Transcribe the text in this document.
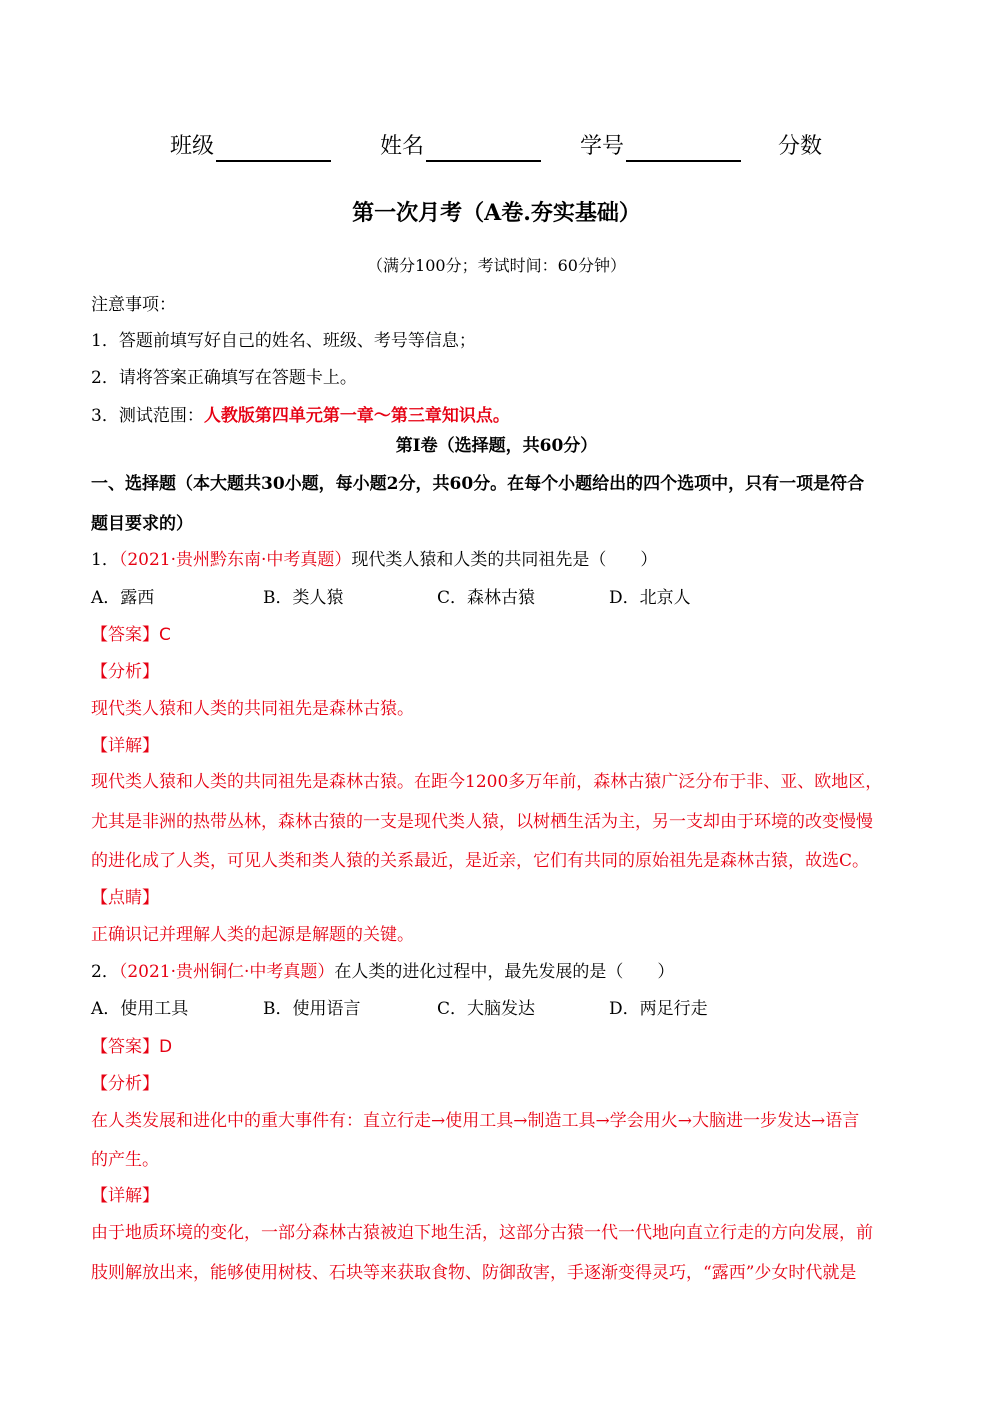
班级	姓名	学号	分数
第一次月考（A卷.夯实基础）
（满分100分；考试时间：60分钟）
注意事项：
1．答题前填写好自己的姓名、班级、考号等信息；
2．请将答案正确填写在答题卡上。
3．测试范围：人教版第四单元第一章～第三章知识点。
第I卷（选择题，共60分）
一、选择题（本大题共30小题，每小题2分，共60分。在每个小题给出的四个选项中，只有一项是符合
题目要求的）
1．（2021·贵州黔东南·中考真题）现代类人猿和人类的共同祖先是（　　）
A．露西	B．类人猿	C．森林古猿	D．北京人
【答案】C
【分析】
现代类人猿和人类的共同祖先是森林古猿。
【详解】
现代类人猿和人类的共同祖先是森林古猿。在距今1200多万年前，森林古猿广泛分布于非、亚、欧地区，
尤其是非洲的热带丛林，森林古猿的一支是现代类人猿，以树栖生活为主，另一支却由于环境的改变慢慢
的进化成了人类，可见人类和类人猿的关系最近，是近亲，它们有共同的原始祖先是森林古猿，故选C。
【点睛】
正确识记并理解人类的起源是解题的关键。
2．（2021·贵州铜仁·中考真题）在人类的进化过程中，最先发展的是（　　）
A．使用工具	B．使用语言	C．大脑发达	D．两足行走
【答案】D
【分析】
在人类发展和进化中的重大事件有：直立行走→使用工具→制造工具→学会用火→大脑进一步发达→语言
的产生。
【详解】
由于地质环境的变化，一部分森林古猿被迫下地生活，这部分古猿一代一代地向直立行走的方向发展，前
肢则解放出来，能够使用树枝、石块等来获取食物、防御敌害，手逐渐变得灵巧，“露西”少女时代就是
